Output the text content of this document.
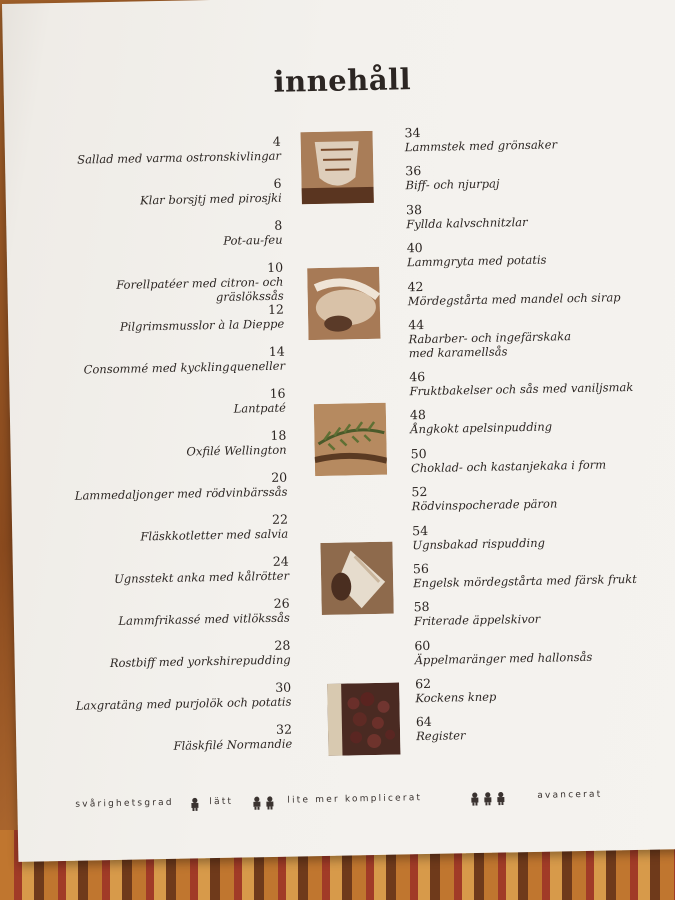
innehåll
4
Sallad med varma ostronskivlingar
6
Klar borsjtj med pirosjki
8
Pot-au-feu
10
Forellpatéer med citron- och gräslökssås
12
Pilgrimsmusslor à la Dieppe
14
Consommé med kycklingqueneller
16
Lantpaté
18
Oxfilé Wellington
20
Lammedaljonger med rödvinbärssås
22
Fläskkotletter med salvia
24
Ugnsstekt anka med kålrötter
26
Lammfrikassé med vitlökssås
28
Rostbiff med yorkshirepudding
30
Laxgratäng med purjolök och potatis
32
Fläskfilé Normandie
34
Lammstek med grönsaker
36
Biff- och njurpaj
38
Fyllda kalvschnitzlar
40
Lammgryta med potatis
42
Mördegstårta med mandel och sirap
44
Rabarber- och ingefärskaka med karamellsås
46
Fruktbakelser och sås med vaniljsmak
48
Ångkokt apelsinpudding
50
Choklad- och kastanjekaka i form
52
Rödvinspocherade päron
54
Ugnsbakad rispudding
56
Engelsk mördegstårta med färsk frukt
58
Friterade äppelskivor
60
Äppelmaränger med hallonsås
62
Kockens knep
64
Register
svårighetsgrad	lätt	lite mer komplicerat	avancerat
